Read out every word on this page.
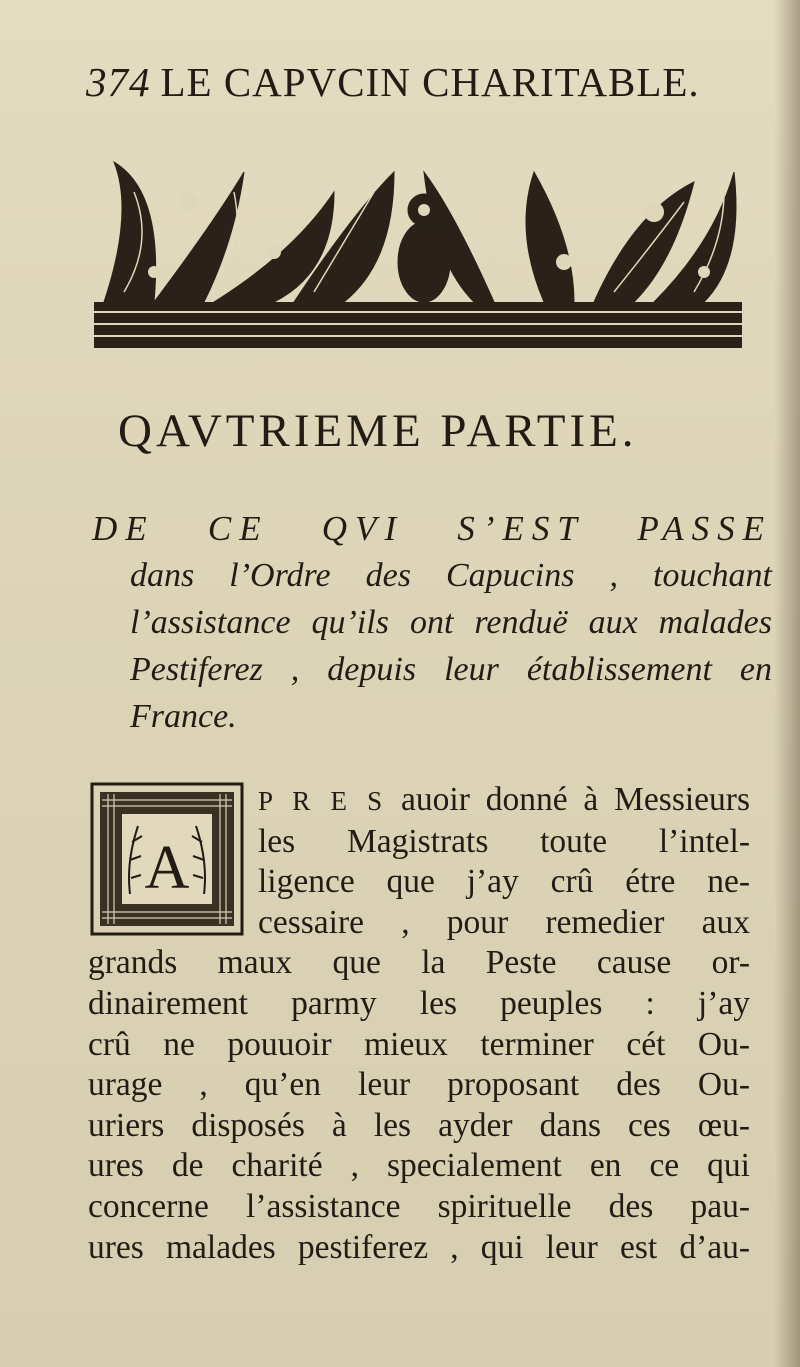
374 LE CAPVCIN CHARITABLE.
QAVTRIEME PARTIE.
DE CE QVI S’EST PASSE
dans l’Ordre des Capucins , touchant
l’assistance qu’ils ont renduë aux malades
Pestiferez , depuis leur établissement en
France.
A
P R E S auoir donné à Messieurs
les Magistrats toute l’intel-
ligence que j’ay crû étre ne-
cessaire , pour remedier aux
grands maux que la Peste cause or-
dinairement parmy les peuples : j’ay
crû ne pouuoir mieux terminer cét Ou-
urage , qu’en leur proposant des Ou-
uriers disposés à les ayder dans ces œu-
ures de charité , specialement en ce qui
concerne l’assistance spirituelle des pau-
ures malades pestiferez , qui leur est d’au-
